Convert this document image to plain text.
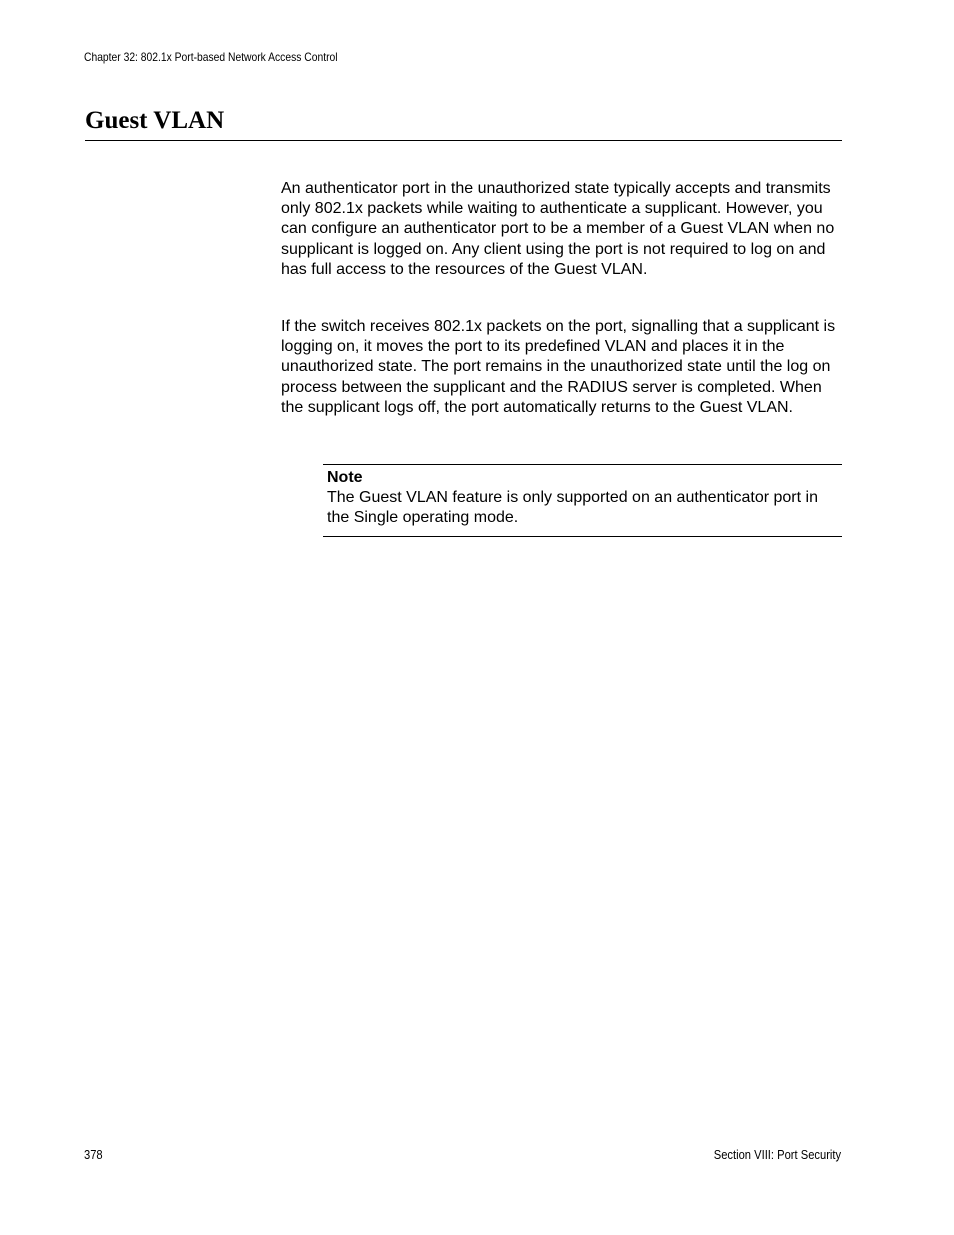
Chapter 32: 802.1x Port-based Network Access Control
Guest VLAN

An authenticator port in the unauthorized state typically accepts and transmits only 802.1x packets while waiting to authenticate a supplicant. However, you can configure an authenticator port to be a member of a Guest VLAN when no supplicant is logged on. Any client using the port is not required to log on and has full access to the resources of the Guest VLAN.

If the switch receives 802.1x packets on the port, signalling that a supplicant is logging on, it moves the port to its predefined VLAN and places it in the unauthorized state. The port remains in the unauthorized state until the log on process between the supplicant and the RADIUS server is completed. When the supplicant logs off, the port automatically returns to the Guest VLAN.

Note

The Guest VLAN feature is only supported on an authenticator port in the Single operating mode.

378	Section VIII: Port Security
